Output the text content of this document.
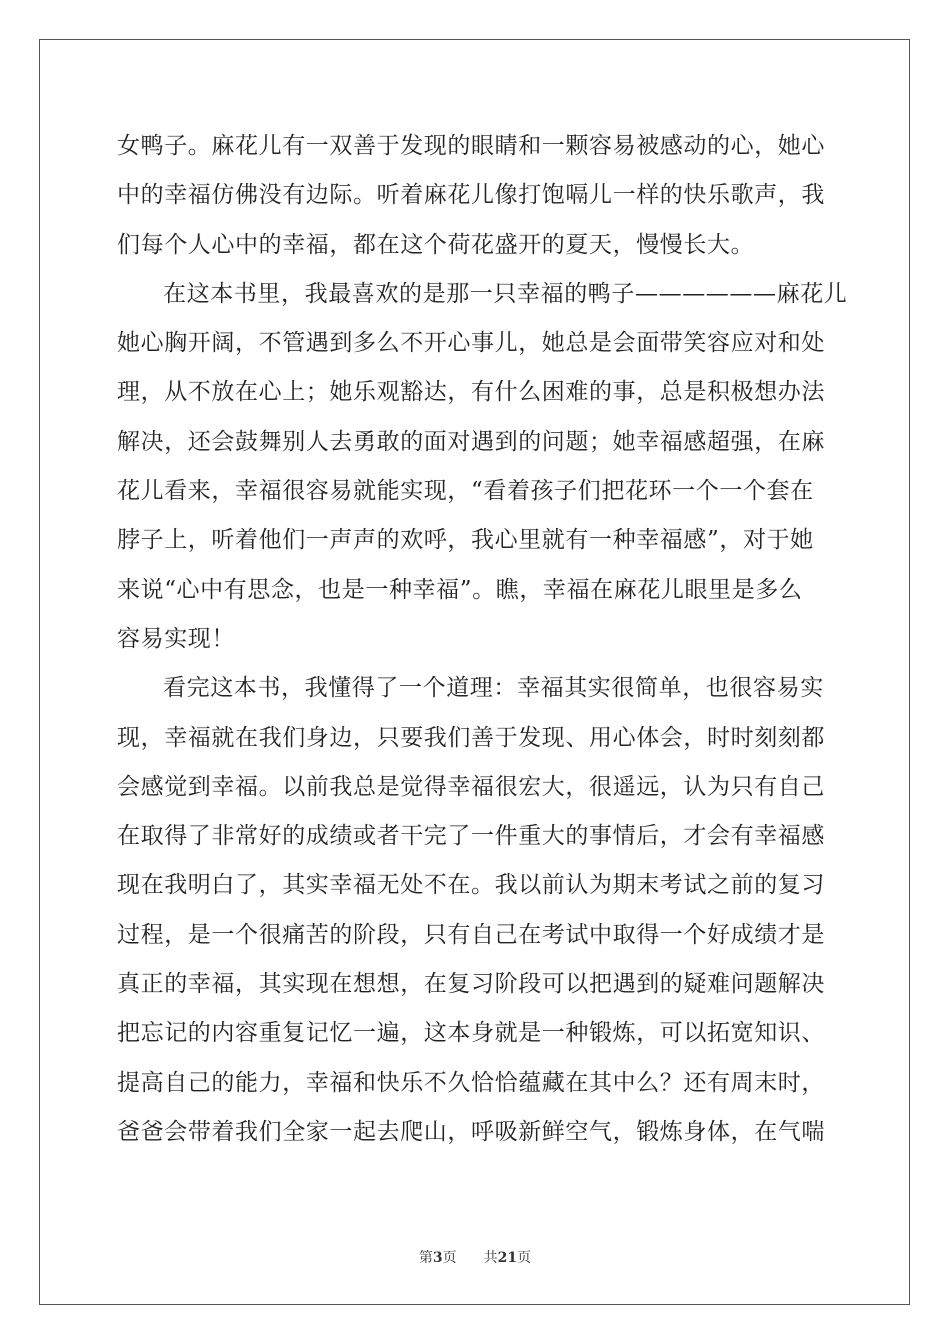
女鸭子。麻花儿有一双善于发现的眼睛和一颗容易被感动的心，她心

中的幸福仿佛没有边际。听着麻花儿像打饱嗝儿一样的快乐歌声，我

们每个人心中的幸福，都在这个荷花盛开的夏天，慢慢长大。

在这本书里，我最喜欢的是那一只幸福的鸭子——————麻花儿

她心胸开阔，不管遇到多么不开心事儿，她总是会面带笑容应对和处

理，从不放在心上；她乐观豁达，有什么困难的事，总是积极想办法

解决，还会鼓舞别人去勇敢的面对遇到的问题；她幸福感超强，在麻

花儿看来，幸福很容易就能实现，“看着孩子们把花环一个一个套在

脖子上，听着他们一声声的欢呼，我心里就有一种幸福感”，对于她

来说“心中有思念，也是一种幸福”。瞧，幸福在麻花儿眼里是多么

容易实现！

看完这本书，我懂得了一个道理：幸福其实很简单，也很容易实

现，幸福就在我们身边，只要我们善于发现、用心体会，时时刻刻都

会感觉到幸福。以前我总是觉得幸福很宏大，很遥远，认为只有自己

在取得了非常好的成绩或者干完了一件重大的事情后，才会有幸福感

现在我明白了，其实幸福无处不在。我以前认为期末考试之前的复习

过程，是一个很痛苦的阶段，只有自己在考试中取得一个好成绩才是

真正的幸福，其实现在想想，在复习阶段可以把遇到的疑难问题解决

把忘记的内容重复记忆一遍，这本身就是一种锻炼，可以拓宽知识、

提高自己的能力，幸福和快乐不久恰恰蕴藏在其中么？还有周末时，

爸爸会带着我们全家一起去爬山，呼吸新鲜空气，锻炼身体，在气喘

第3页 共21页
